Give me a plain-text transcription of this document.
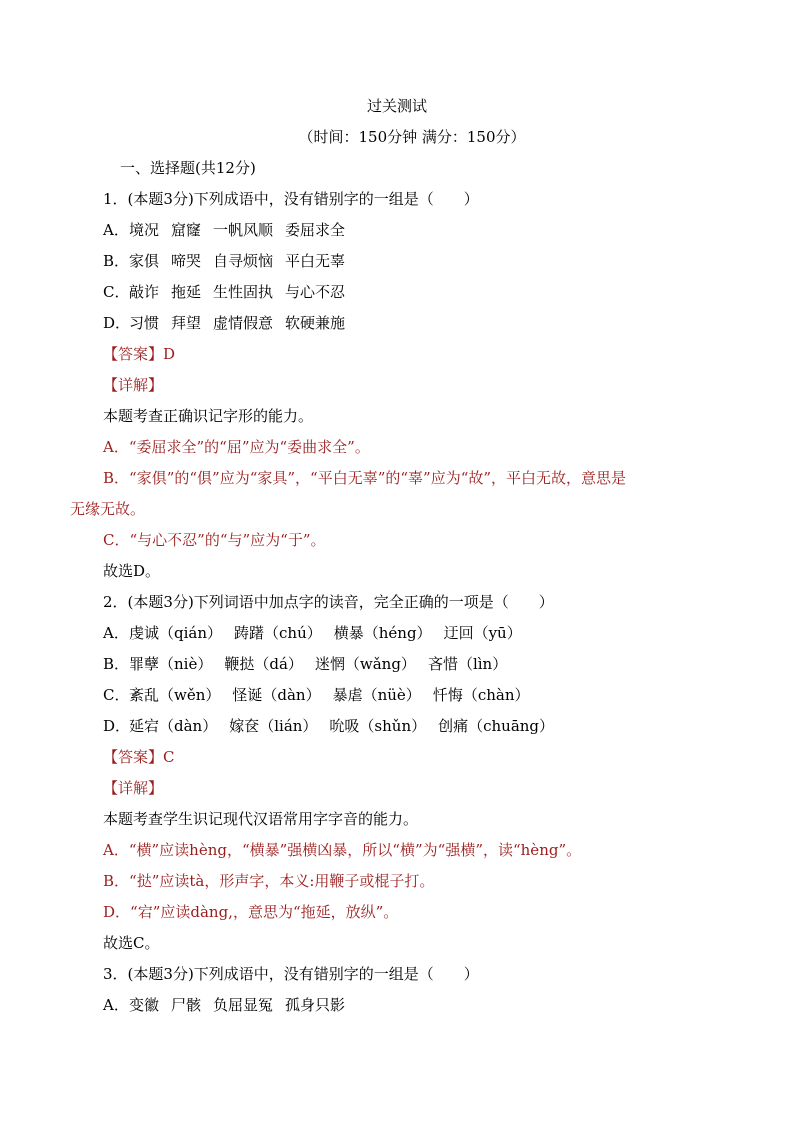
过关测试
（时间：150分钟 满分：150分）
一、选择题(共12分)
1．(本题3分)下列成语中，没有错别字的一组是（　　）
A．境况 窟窿 一帆风顺 委屈求全
B．家俱 啼哭 自寻烦恼 平白无辜
C．敲诈 拖延 生性固执 与心不忍
D．习惯 拜望 虚情假意 软硬兼施
【答案】D
【详解】
本题考查正确识记字形的能力。
A．“委屈求全”的“屈”应为“委曲求全”。
B．“家俱”的“俱”应为“家具”，“平白无辜”的“辜”应为“故”，平白无故，意思是
无缘无故。
C．“与心不忍”的“与”应为“于”。
故选D。
2．(本题3分)下列词语中加点字的读音，完全正确的一项是（　　）
A．虔诚（qián） 踌躇（chú） 横暴（héng） 迂回（yū）
B．罪孽（niè） 鞭挞（dá） 迷惘（wǎng） 吝惜（lìn）
C．紊乱（wěn） 怪诞（dàn） 暴虐（nüè） 忏悔（chàn）
D．延宕（dàn） 嫁奁（lián） 吮吸（shǔn） 创痛（chuāng）
【答案】C
【详解】
本题考查学生识记现代汉语常用字字音的能力。
A．“横”应读hèng，“横暴”强横凶暴，所以“横”为“强横”，读“hèng”。
B．“挞”应读tà，形声字，本义:用鞭子或棍子打。
D．“宕”应读dàng,，意思为“拖延，放纵”。
故选C。
3．(本题3分)下列成语中，没有错别字的一组是（　　）
A．变徽 尸骸 负屈显冤 孤身只影
